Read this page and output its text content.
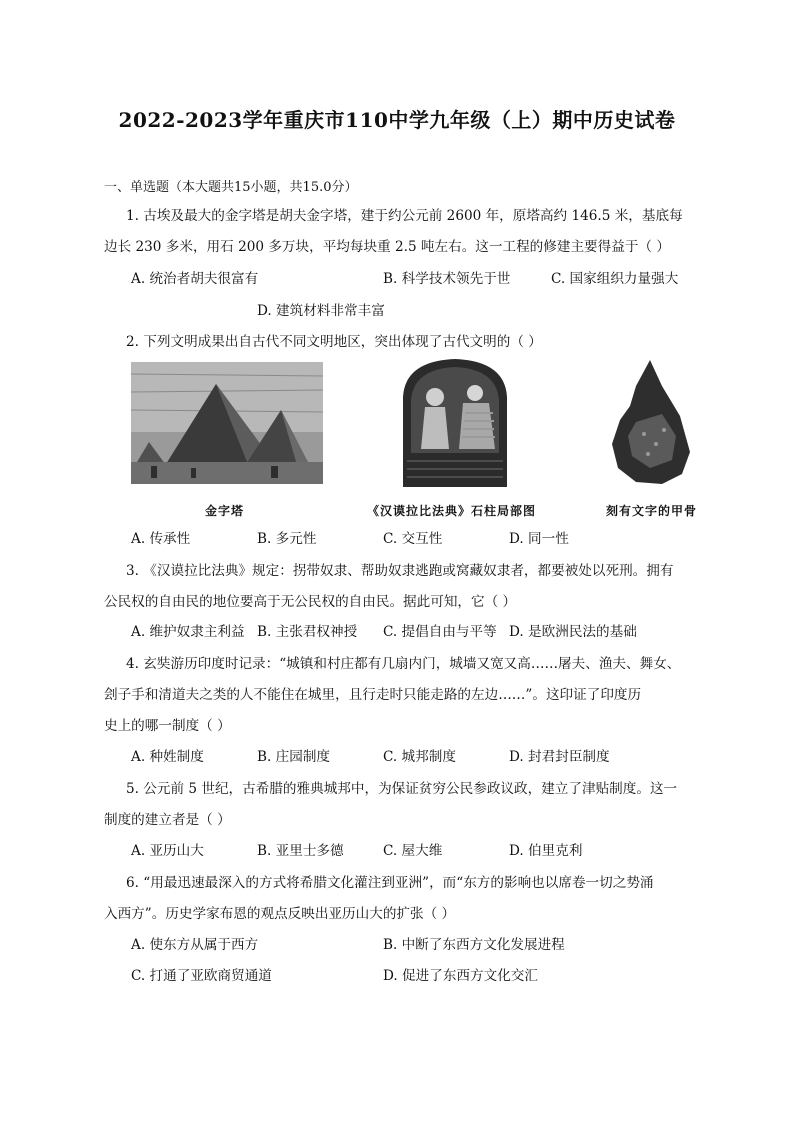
2022-2023学年重庆市110中学九年级（上）期中历史试卷
一、单选题（本大题共15小题，共15.0分）
1. 古埃及最大的金字塔是胡夫金字塔，建于约公元前 2600 年，原塔高约 146.5 米，基底每
边长 230 多米，用石 200 多万块，平均每块重 2.5 吨左右。这一工程的修建主要得益于（ ）
A. 统治者胡夫很富有	B. 科学技术领先于世	C. 国家组织力量强大
D. 建筑材料非常丰富
2. 下列文明成果出自古代不同文明地区，突出体现了古代文明的（ ）
金字塔	《汉谟拉比法典》石柱局部图	刻有文字的甲骨
A. 传承性	B. 多元性	C. 交互性	D. 同一性
3. 《汉谟拉比法典》规定：拐带奴隶、帮助奴隶逃跑或窝藏奴隶者，都要被处以死刑。拥有
公民权的自由民的地位要高于无公民权的自由民。据此可知，它（ ）
A. 维护奴隶主利益 B. 主张君权神授 C. 提倡自由与平等 D. 是欧洲民法的基础
4. 玄奘游历印度时记录：“城镇和村庄都有几扇内门，城墙又宽又高……屠夫、渔夫、舞女、
刽子手和清道夫之类的人不能住在城里，且行走时只能走路的左边……”。这印证了印度历
史上的哪一制度（ ）
A. 种姓制度	B. 庄园制度	C. 城邦制度	D. 封君封臣制度
5. 公元前 5 世纪，古希腊的雅典城邦中，为保证贫穷公民参政议政，建立了津贴制度。这一
制度的建立者是（ ）
A. 亚历山大	B. 亚里士多德	C. 屋大维	D. 伯里克利
6. “用最迅速最深入的方式将希腊文化灌注到亚洲”，而“东方的影响也以席卷一切之势涌
入西方”。历史学家布恩的观点反映出亚历山大的扩张（ ）
A. 使东方从属于西方	B. 中断了东西方文化发展进程
C. 打通了亚欧商贸通道	D. 促进了东西方文化交汇
